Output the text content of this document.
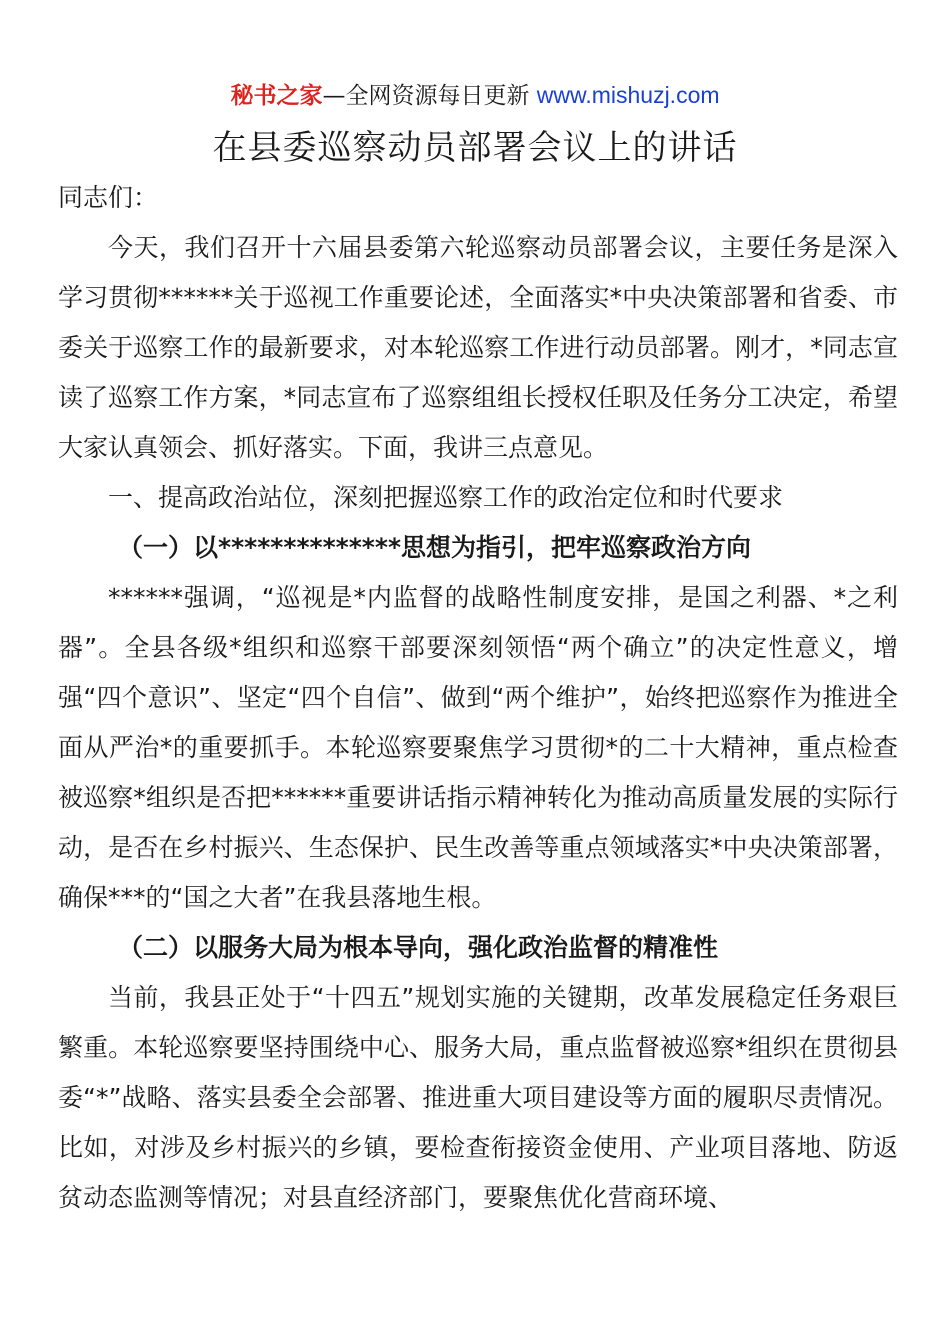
秘书之家—全网资源每日更新 www.mishuzj.com
在县委巡察动员部署会议上的讲话

同志们：

今天，我们召开十六届县委第六轮巡察动员部署会议，主要任务是深入学习贯彻******关于巡视工作重要论述，全面落实*中央决策部署和省委、市委关于巡察工作的最新要求，对本轮巡察工作进行动员部署。刚才，*同志宣读了巡察工作方案，*同志宣布了巡察组组长授权任职及任务分工决定，希望大家认真领会、抓好落实。下面，我讲三点意见。

一、提高政治站位，深刻把握巡察工作的政治定位和时代要求

（一）以**************思想为指引，把牢巡察政治方向

******强调，“巡视是*内监督的战略性制度安排，是国之利器、*之利器”。全县各级*组织和巡察干部要深刻领悟“两个确立”的决定性意义，增强“四个意识”、坚定“四个自信”、做到“两个维护”，始终把巡察作为推进全面从严治*的重要抓手。本轮巡察要聚焦学习贯彻*的二十大精神，重点检查被巡察*组织是否把******重要讲话指示精神转化为推动高质量发展的实际行动，是否在乡村振兴、生态保护、民生改善等重点领域落实*中央决策部署，确保***的“国之大者”在我县落地生根。

（二）以服务大局为根本导向，强化政治监督的精准性

当前，我县正处于“十四五”规划实施的关键期，改革发展稳定任务艰巨繁重。本轮巡察要坚持围绕中心、服务大局，重点监督被巡察*组织在贯彻县委“*”战略、落实县委全会部署、推进重大项目建设等方面的履职尽责情况。比如，对涉及乡村振兴的乡镇，要检查衔接资金使用、产业项目落地、防返贫动态监测等情况；对县直经济部门，要聚焦优化营商环境、
